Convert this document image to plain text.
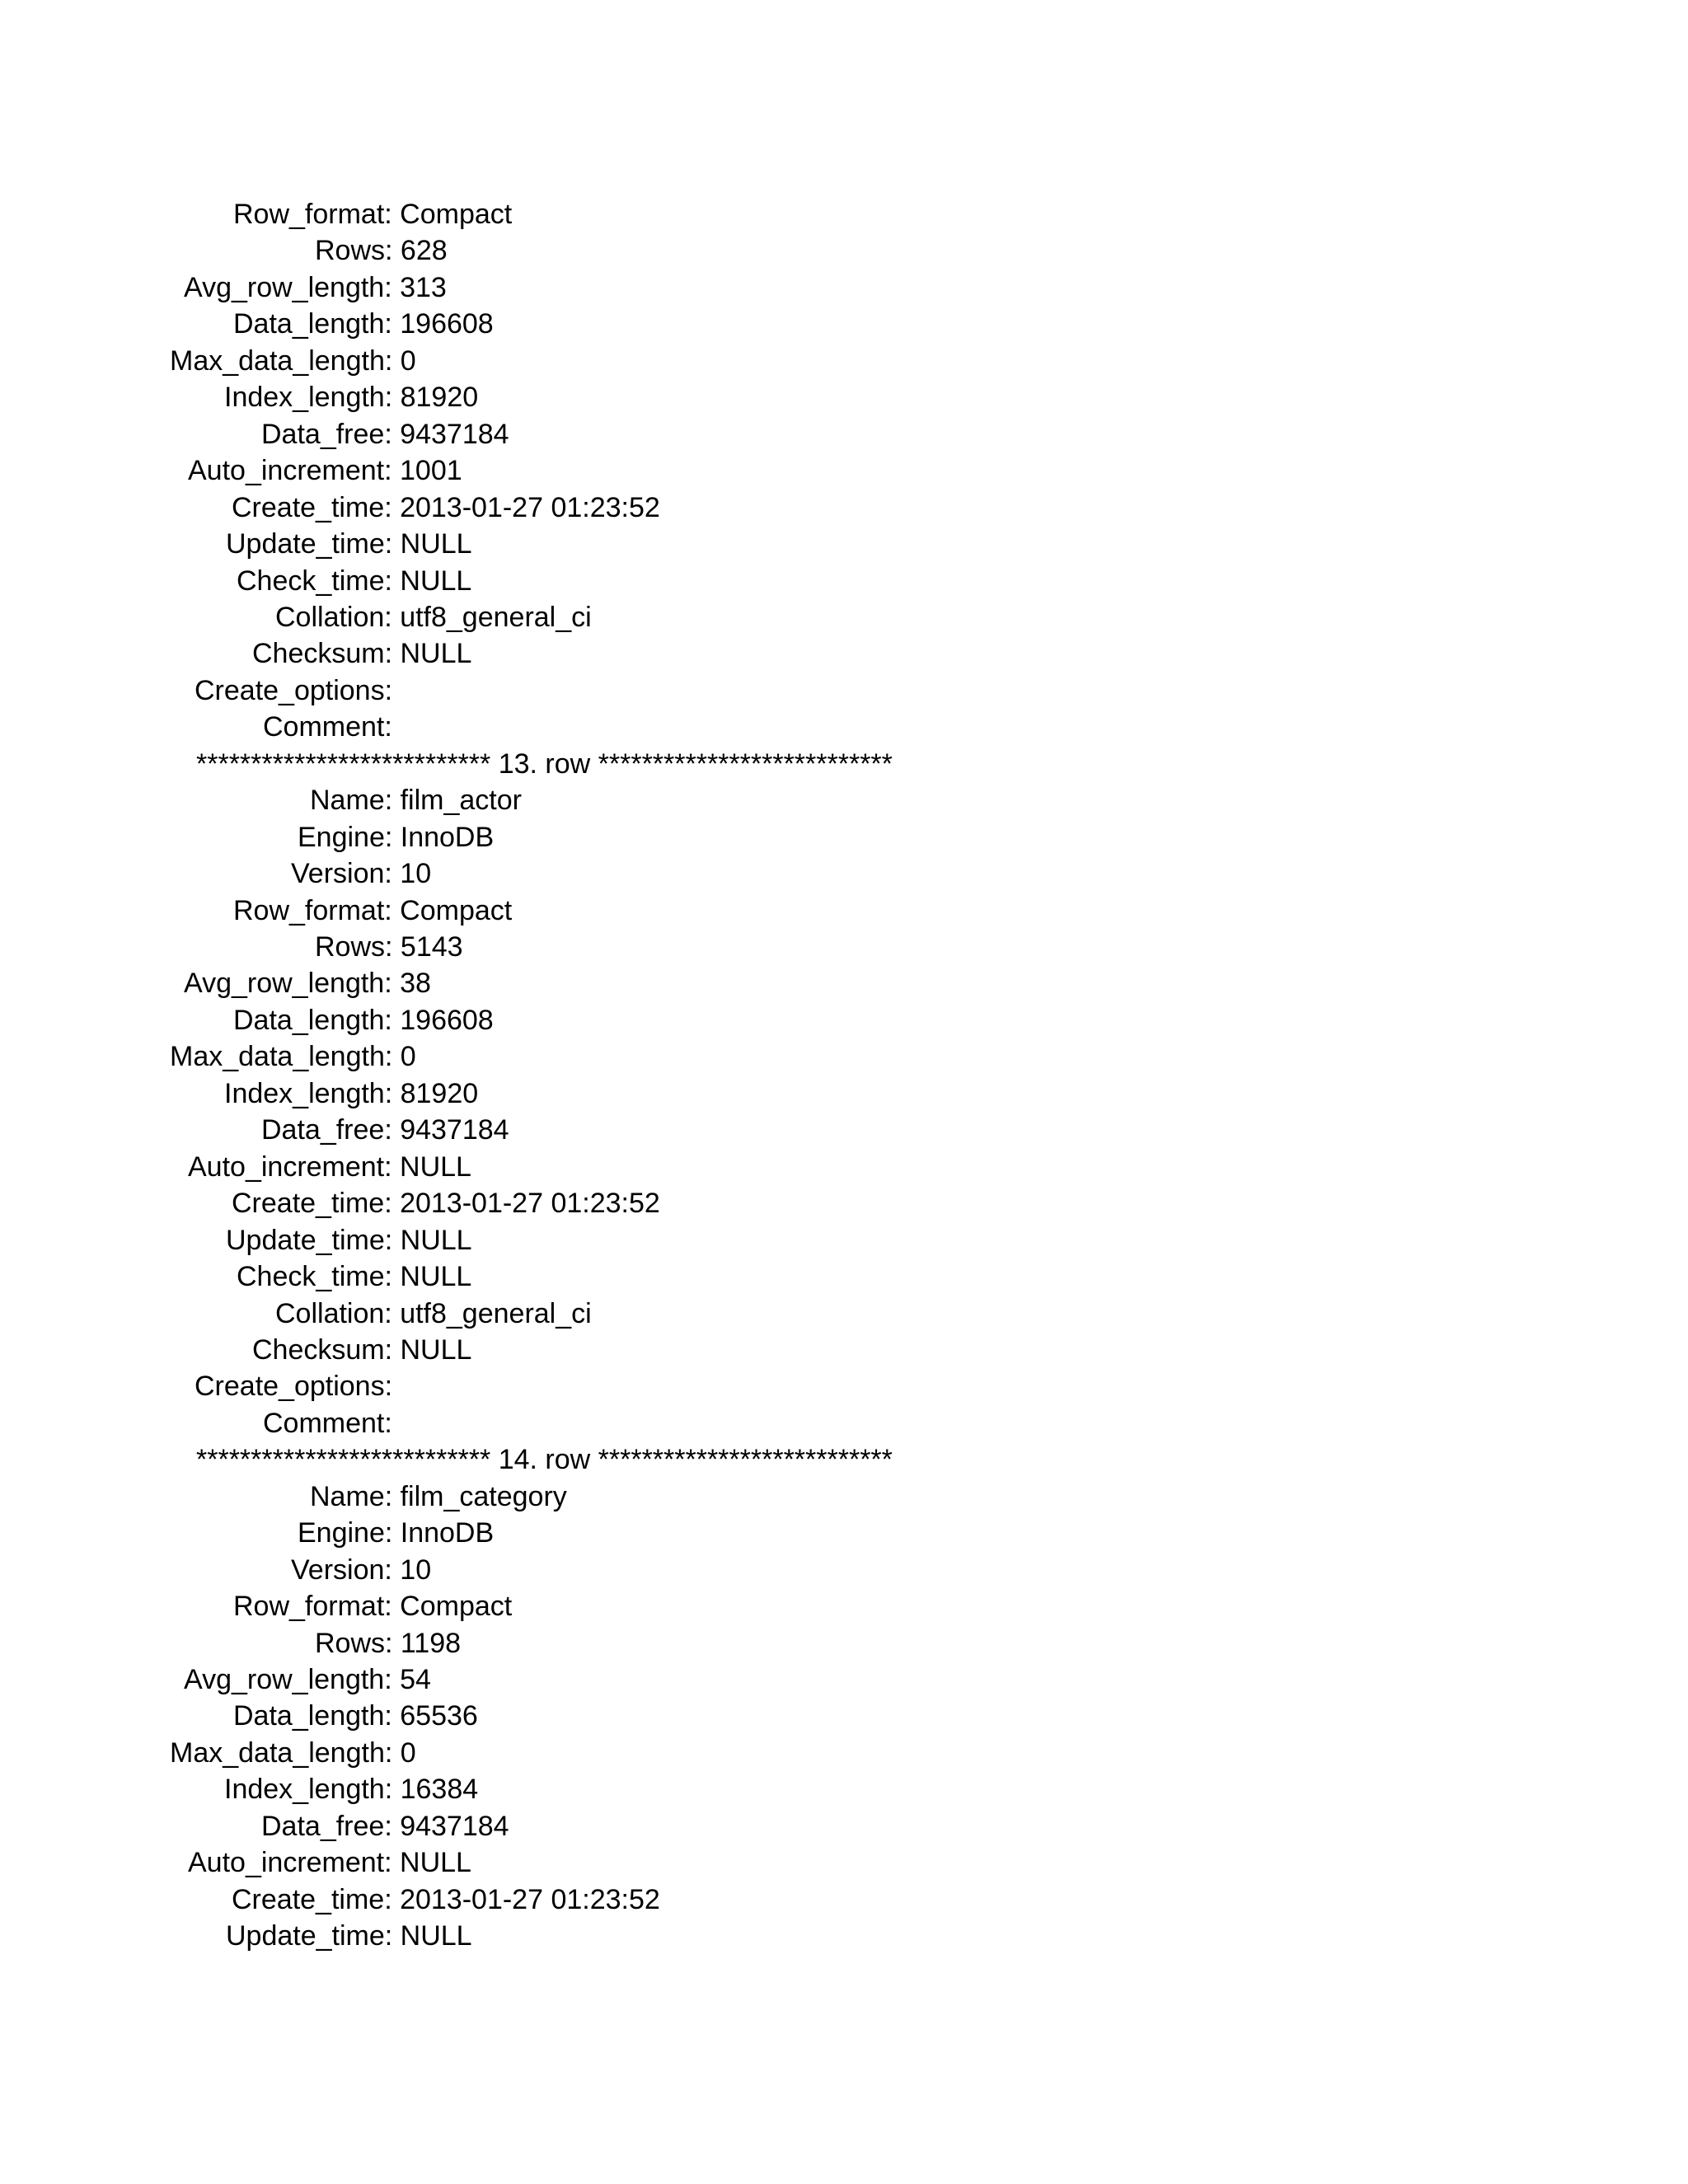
Row_format: Compact
Rows: 628
Avg_row_length: 313
Data_length: 196608
Max_data_length: 0
Index_length: 81920
Data_free: 9437184
Auto_increment: 1001
Create_time: 2013-01-27 01:23:52
Update_time: NULL
Check_time: NULL
Collation: utf8_general_ci
Checksum: NULL
Create_options:
Comment:
*************************** 13. row ***************************
Name: film_actor
Engine: InnoDB
Version: 10
Row_format: Compact
Rows: 5143
Avg_row_length: 38
Data_length: 196608
Max_data_length: 0
Index_length: 81920
Data_free: 9437184
Auto_increment: NULL
Create_time: 2013-01-27 01:23:52
Update_time: NULL
Check_time: NULL
Collation: utf8_general_ci
Checksum: NULL
Create_options:
Comment:
*************************** 14. row ***************************
Name: film_category
Engine: InnoDB
Version: 10
Row_format: Compact
Rows: 1198
Avg_row_length: 54
Data_length: 65536
Max_data_length: 0
Index_length: 16384
Data_free: 9437184
Auto_increment: NULL
Create_time: 2013-01-27 01:23:52
Update_time: NULL
